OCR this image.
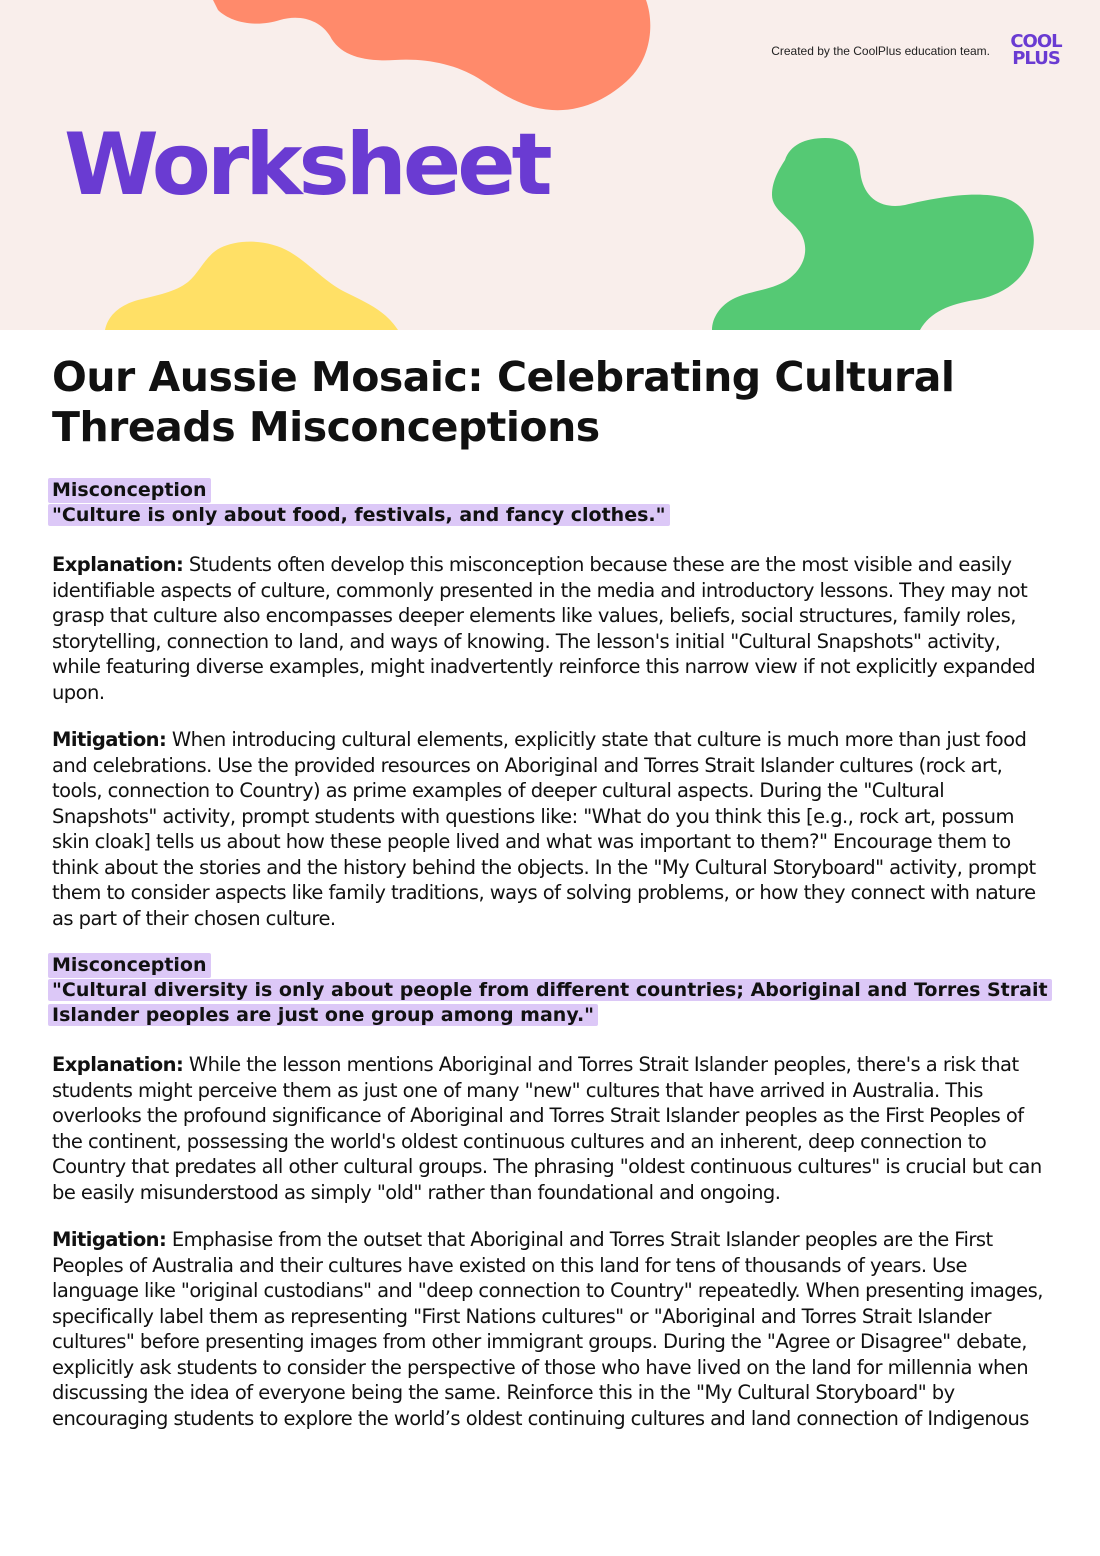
Worksheet
Created by the CoolPlus education team.	COOL
PLUS
Our Aussie Mosaic: Celebrating Cultural Threads Misconceptions
Misconception
"Culture is only about food, festivals, and fancy clothes."

Explanation: Students often develop this misconception because these are the most visible and easily identifiable aspects of culture, commonly presented in the media and introductory lessons. They may not grasp that culture also encompasses deeper elements like values, beliefs, social structures, family roles, storytelling, connection to land, and ways of knowing. The lesson's initial "Cultural Snapshots" activity, while featuring diverse examples, might inadvertently reinforce this narrow view if not explicitly expanded upon.

Mitigation: When introducing cultural elements, explicitly state that culture is much more than just food and celebrations. Use the provided resources on Aboriginal and Torres Strait Islander cultures (rock art, tools, connection to Country) as prime examples of deeper cultural aspects. During the "Cultural Snapshots" activity, prompt students with questions like: "What do you think this [e.g., rock art, possum skin cloak] tells us about how these people lived and what was important to them?" Encourage them to think about the stories and the history behind the objects. In the "My Cultural Storyboard" activity, prompt them to consider aspects like family traditions, ways of solving problems, or how they connect with nature as part of their chosen culture.

Misconception
"Cultural diversity is only about people from different countries; Aboriginal and Torres Strait Islander peoples are just one group among many."

Explanation: While the lesson mentions Aboriginal and Torres Strait Islander peoples, there's a risk that students might perceive them as just one of many "new" cultures that have arrived in Australia. This overlooks the profound significance of Aboriginal and Torres Strait Islander peoples as the First Peoples of the continent, possessing the world's oldest continuous cultures and an inherent, deep connection to Country that predates all other cultural groups. The phrasing "oldest continuous cultures" is crucial but can be easily misunderstood as simply "old" rather than foundational and ongoing.

Mitigation: Emphasise from the outset that Aboriginal and Torres Strait Islander peoples are the First Peoples of Australia and their cultures have existed on this land for tens of thousands of years. Use language like "original custodians" and "deep connection to Country" repeatedly. When presenting images, specifically label them as representing "First Nations cultures" or "Aboriginal and Torres Strait Islander cultures" before presenting images from other immigrant groups. During the "Agree or Disagree" debate, explicitly ask students to consider the perspective of those who have lived on the land for millennia when discussing the idea of everyone being the same. Reinforce this in the "My Cultural Storyboard" by encouraging students to explore the world’s oldest continuing cultures and land connection of Indigenous
